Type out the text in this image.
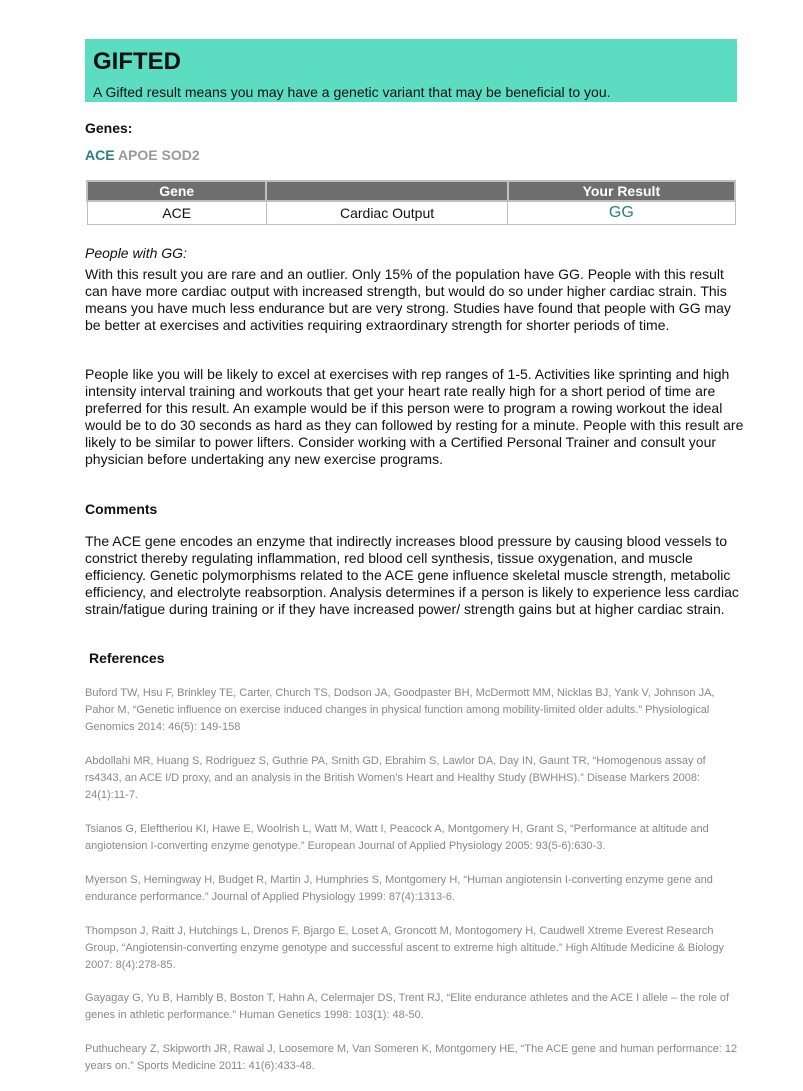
GIFTED
A Gifted result means you may have a genetic variant that may be beneficial to you.
Genes:
ACE APOE SOD2
Gene		Your Result
ACE	Cardiac Output	GG
People with GG:

With this result you are rare and an outlier. Only 15% of the population have GG. People with this result can have more cardiac output with increased strength, but would do so under higher cardiac strain. This means you have much less endurance but are very strong. Studies have found that people with GG may be better at exercises and activities requiring extraordinary strength for shorter periods of time.

People like you will be likely to excel at exercises with rep ranges of 1-5. Activities like sprinting and high intensity interval training and workouts that get your heart rate really high for a short period of time are preferred for this result. An example would be if this person were to program a rowing workout the ideal would be to do 30 seconds as hard as they can followed by resting for a minute. People with this result are likely to be similar to power lifters. Consider working with a Certified Personal Trainer and consult your physician before undertaking any new exercise programs.

Comments

The ACE gene encodes an enzyme that indirectly increases blood pressure by causing blood vessels to constrict thereby regulating inflammation, red blood cell synthesis, tissue oxygenation, and muscle efficiency. Genetic polymorphisms related to the ACE gene influence skeletal muscle strength, metabolic efficiency, and electrolyte reabsorption. Analysis determines if a person is likely to experience less cardiac strain/fatigue during training or if they have increased power/ strength gains but at higher cardiac strain.

References

Buford TW, Hsu F, Brinkley TE, Carter, Church TS, Dodson JA, Goodpaster BH, McDermott MM, Nicklas BJ, Yank V, Johnson JA, Pahor M, “Genetic influence on exercise induced changes in physical function among mobility-limited older adults.” Physiological Genomics 2014: 46(5): 149-158

Abdollahi MR, Huang S, Rodriguez S, Guthrie PA, Smith GD, Ebrahim S, Lawlor DA, Day IN, Gaunt TR, “Homogenous assay of rs4343, an ACE I/D proxy, and an analysis in the British Women’s Heart and Healthy Study (BWHHS).” Disease Markers 2008: 24(1):11-7.

Tsianos G, Eleftheriou KI, Hawe E, Woolrish L, Watt M, Watt I, Peacock A, Montgomery H, Grant S, “Performance at altitude and angiotension I-converting enzyme genotype.” European Journal of Applied Physiology 2005: 93(5-6):630-3.

Myerson S, Hemingway H, Budget R, Martin J, Humphries S, Montgomery H, “Human angiotensin I-converting enzyme gene and endurance performance.” Journal of Applied Physiology 1999: 87(4):1313-6.

Thompson J, Raitt J, Hutchings L, Drenos F, Bjargo E, Loset A, Groncott M, Montogomery H, Caudwell Xtreme Everest Research Group, “Angiotensin-converting enzyme genotype and successful ascent to extreme high altitude.” High Altitude Medicine & Biology 2007: 8(4):278-85.

Gayagay G, Yu B, Hambly B, Boston T, Hahn A, Celermajer DS, Trent RJ, “Elite endurance athletes and the ACE I allele – the role of genes in athletic performance.” Human Genetics 1998: 103(1): 48-50.

Puthucheary Z, Skipworth JR, Rawal J, Loosemore M, Van Someren K, Montgomery HE, “The ACE gene and human performance: 12 years on.” Sports Medicine 2011: 41(6):433-48.
